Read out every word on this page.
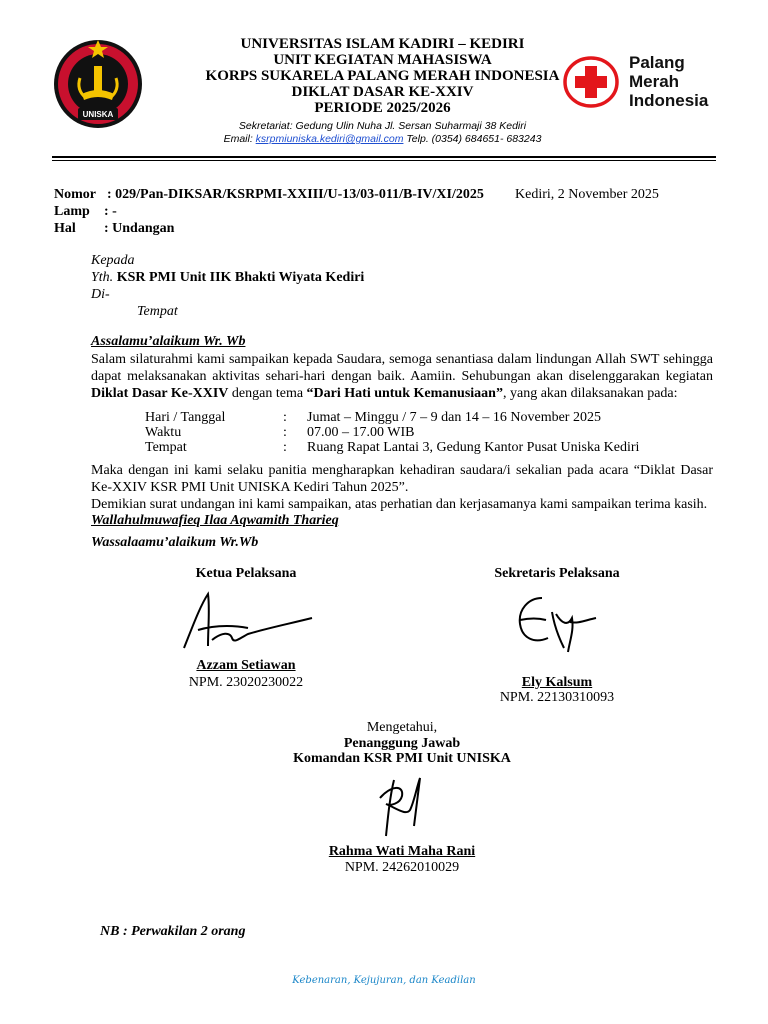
UNISKA
UNIVERSITAS ISLAM KADIRI – KEDIRI
UNIT KEGIATAN MAHASISWA
KORPS SUKARELA PALANG MERAH INDONESIA
DIKLAT DASAR KE-XXIV
PERIODE 2025/2026
Sekretariat: Gedung Ulin Nuha Jl. Sersan Suharmaji 38 Kediri
Email: ksrpmiuniska.kediri@gmail.com Telp. (0354) 684651- 683243
Palang
Merah
Indonesia
Nomor : 029/Pan-DIKSAR/KSRPMI-XXIII/U-13/03-011/B-IV/XI/2025
Lamp : -
Hal : Undangan
Kediri, 2 November 2025
Kepada
Yth. KSR PMI Unit IIK Bhakti Wiyata Kediri
Di-
Tempat
Assalamu’alaikum Wr. Wb

Salam silaturahmi kami sampaikan kepada Saudara, semoga senantiasa dalam lindungan Allah SWT sehingga dapat melaksanakan aktivitas sehari-hari dengan baik. Aamiin. Sehubungan akan diselenggarakan kegiatan Diklat Dasar Ke-XXIV dengan tema “Dari Hati untuk Kemanusiaan”, yang akan dilaksanakan pada:

Hari / Tanggal	: Jumat – Minggu / 7 – 9 dan 14 – 16 November 2025
Waktu	: 07.00 – 17.00 WIB
Tempat	: Ruang Rapat Lantai 3, Gedung Kantor Pusat Uniska Kediri

Maka dengan ini kami selaku panitia mengharapkan kehadiran saudara/i sekalian pada acara “Diklat Dasar Ke-XXIV KSR PMI Unit UNISKA Kediri Tahun 2025”.

Demikian surat undangan ini kami sampaikan, atas perhatian dan kerjasamanya kami sampaikan terima kasih.

Wallahulmuwafieq Ilaa Aqwamith Tharieq
Wassalaamu’alaikum Wr.Wb
Ketua Pelaksana
Azzam Setiawan
NPM. 23020230022
Sekretaris Pelaksana
Ely Kalsum
NPM. 22130310093
Mengetahui,
Penanggung Jawab
Komandan KSR PMI Unit UNISKA
Rahma Wati Maha Rani
NPM. 24262010029
NB : Perwakilan 2 orang
Kebenaran, Kejujuran, dan Keadilan
